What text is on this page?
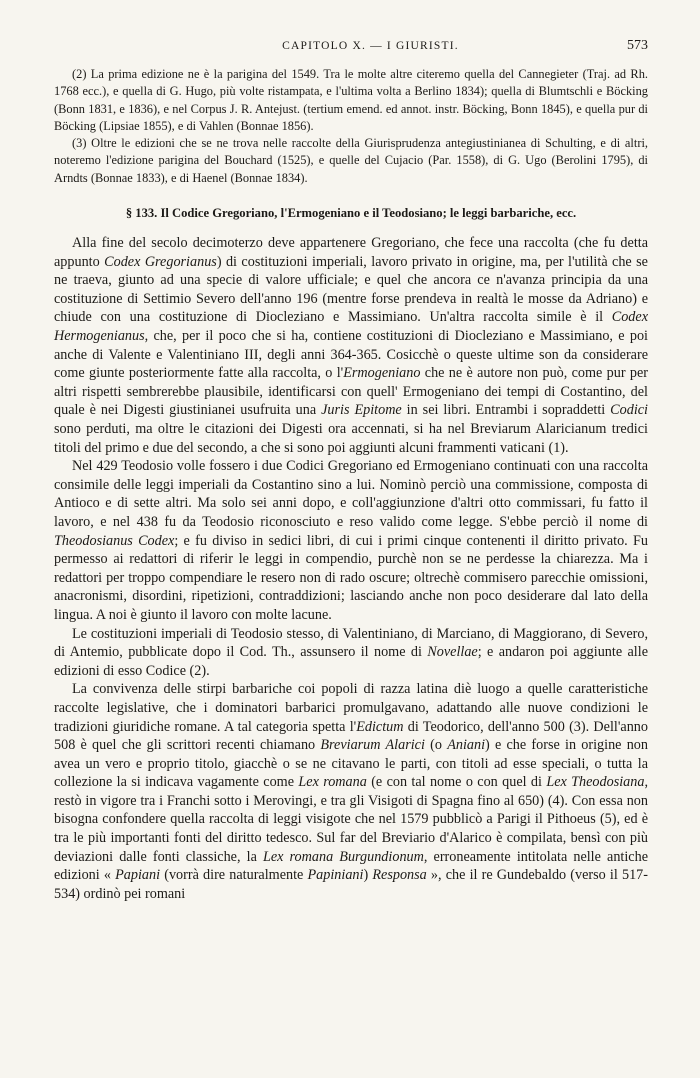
CAPITOLO X. — I GIURISTI.	573

(2) La prima edizione ne è la parigina del 1549. Tra le molte altre citeremo quella del Cannegieter (Traj. ad Rh. 1768 ecc.), e quella di G. Hugo, più volte ristampata, e l'ultima volta a Berlino 1834); quella di Blumtschli e Böcking (Bonn 1831, e 1836), e nel Corpus J. R. Antejust. (tertium emend. ed annot. instr. Böcking, Bonn 1845), e quella pur di Böcking (Lipsiae 1855), e di Vahlen (Bonnae 1856).

(3) Oltre le edizioni che se ne trova nelle raccolte della Giurisprudenza antegiustinianea di Schulting, e di altri, noteremo l'edizione parigina del Bouchard (1525), e quelle del Cujacio (Par. 1558), di G. Ugo (Berolini 1795), di Arndts (Bonnae 1833), e di Haenel (Bonnae 1834).

§ 133. Il Codice Gregoriano, l'Ermogeniano e il Teodosiano; le leggi barbariche, ecc.

Alla fine del secolo decimoterzo deve appartenere Gregoriano, che fece una raccolta (che fu detta appunto Codex Gregorianus) di costituzioni imperiali, lavoro privato in origine, ma, per l'utilità che se ne traeva, giunto ad una specie di valore ufficiale; e quel che ancora ce n'avanza principia da una costituzione di Settimio Severo dell'anno 196 (mentre forse prendeva in realtà le mosse da Adriano) e chiude con una costituzione di Diocleziano e Massimiano. Un'altra raccolta simile è il Codex Hermogenianus, che, per il poco che si ha, contiene costituzioni di Diocleziano e Massimiano, e poi anche di Valente e Valentiniano III, degli anni 364-365. Cosicchè o queste ultime son da considerare come giunte posteriormente fatte alla raccolta, o l'Ermogeniano che ne è autore non può, come pur per altri rispetti sembrerebbe plausibile, identificarsi con quell' Ermogeniano dei tempi di Costantino, del quale è nei Digesti giustinianei usufruita una Juris Epitome in sei libri. Entrambi i sopraddetti Codici sono perduti, ma oltre le citazioni dei Digesti ora accennati, si ha nel Breviarum Alaricianum tredici titoli del primo e due del secondo, a che si sono poi aggiunti alcuni frammenti vaticani (1).

Nel 429 Teodosio volle fossero i due Codici Gregoriano ed Ermogeniano continuati con una raccolta consimile delle leggi imperiali da Costantino sino a lui. Nominò perciò una commissione, composta di Antioco e di sette altri. Ma solo sei anni dopo, e coll'aggiunzione d'altri otto commissari, fu fatto il lavoro, e nel 438 fu da Teodosio riconosciuto e reso valido come legge. S'ebbe perciò il nome di Theodosianus Codex; e fu diviso in sedici libri, di cui i primi cinque contenenti il diritto privato. Fu permesso ai redattori di riferir le leggi in compendio, purchè non se ne perdesse la chiarezza. Ma i redattori per troppo compendiare le resero non di rado oscure; oltrechè commisero parecchie omissioni, anacronismi, disordini, ripetizioni, contraddizioni; lasciando anche non poco desiderare dal lato della lingua. A noi è giunto il lavoro con molte lacune.

Le costituzioni imperiali di Teodosio stesso, di Valentiniano, di Marciano, di Maggiorano, di Severo, di Antemio, pubblicate dopo il Cod. Th., assunsero il nome di Novellae; e andaron poi aggiunte alle edizioni di esso Codice (2).

La convivenza delle stirpi barbariche coi popoli di razza latina diè luogo a quelle caratteristiche raccolte legislative, che i dominatori barbarici promulgavano, adattando alle nuove condizioni le tradizioni giuridiche romane. A tal categoria spetta l'Edictum di Teodorico, dell'anno 500 (3). Dell'anno 508 è quel che gli scrittori recenti chiamano Breviarum Alarici (o Aniani) e che forse in origine non avea un vero e proprio titolo, giacchè o se ne citavano le parti, con titoli ad esse speciali, o tutta la collezione la si indicava vagamente come Lex romana (e con tal nome o con quel di Lex Theodosiana, restò in vigore tra i Franchi sotto i Merovingi, e tra gli Visigoti di Spagna fino al 650) (4). Con essa non bisogna confondere quella raccolta di leggi visigote che nel 1579 pubblicò a Parigi il Pithoeus (5), ed è tra le più importanti fonti del diritto tedesco. Sul far del Breviario d'Alarico è compilata, bensì con più deviazioni dalle fonti classiche, la Lex romana Burgundionum, erroneamente intitolata nelle antiche edizioni « Papiani (vorrà dire naturalmente Papiniani) Responsa », che il re Gundebaldo (verso il 517-534) ordinò pei romani
